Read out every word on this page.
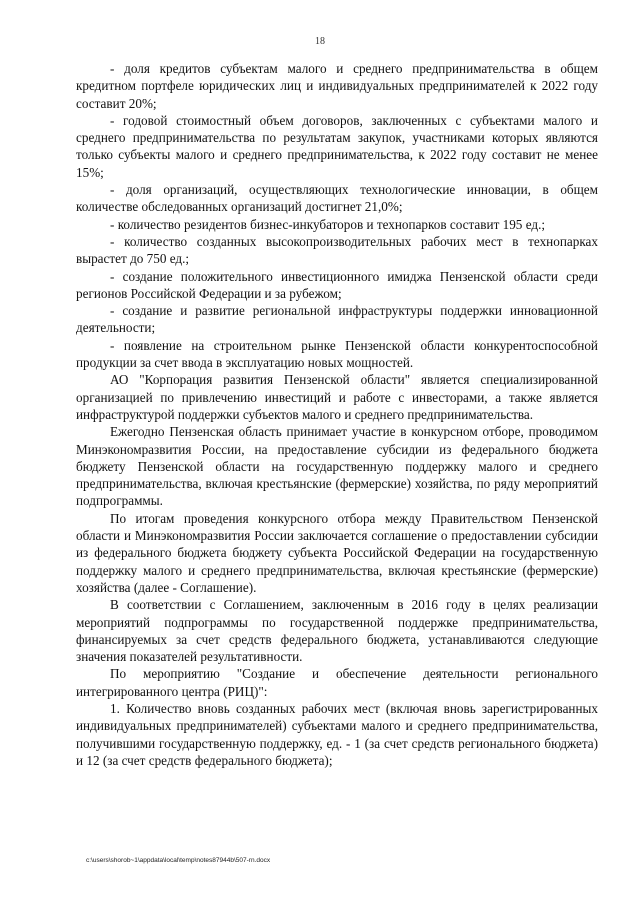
18

- доля кредитов субъектам малого и среднего предпринимательства в общем кредитном портфеле юридических лиц и индивидуальных предпринимателей к 2022 году составит 20%;

- годовой стоимостный объем договоров, заключенных с субъектами малого и среднего предпринимательства по результатам закупок, участниками которых являются только субъекты малого и среднего предпринимательства, к 2022 году составит не менее 15%;

- доля организаций, осуществляющих технологические инновации, в общем количестве обследованных организаций достигнет 21,0%;

- количество резидентов бизнес-инкубаторов и технопарков составит 195 ед.;

- количество созданных высокопроизводительных рабочих мест в технопарках вырастет до 750 ед.;

- создание положительного инвестиционного имиджа Пензенской области среди регионов Российской Федерации и за рубежом;

- создание и развитие региональной инфраструктуры поддержки инновационной деятельности;

- появление на строительном рынке Пензенской области конкурентоспособной продукции за счет ввода в эксплуатацию новых мощностей.

АО "Корпорация развития Пензенской области" является специализированной организацией по привлечению инвестиций и работе с инвесторами, а также является инфраструктурой поддержки субъектов малого и среднего предпринимательства.

Ежегодно Пензенская область принимает участие в конкурсном отборе, проводимом Минэкономразвития России, на предоставление субсидии из федерального бюджета бюджету Пензенской области на государственную поддержку малого и среднего предпринимательства, включая крестьянские (фермерские) хозяйства, по ряду мероприятий подпрограммы.

По итогам проведения конкурсного отбора между Правительством Пензенской области и Минэкономразвития России заключается соглашение о предоставлении субсидии из федерального бюджета бюджету субъекта Российской Федерации на государственную поддержку малого и среднего предпринимательства, включая крестьянские (фермерские) хозяйства (далее - Соглашение).

В соответствии с Соглашением, заключенным в 2016 году в целях реализации мероприятий подпрограммы по государственной поддержке предпринимательства, финансируемых за счет средств федерального бюджета, устанавливаются следующие значения показателей результативности.

По мероприятию "Создание и обеспечение деятельности регионального интегрированного центра (РИЦ)":

1. Количество вновь созданных рабочих мест (включая вновь зарегистрированных индивидуальных предпринимателей) субъектами малого и среднего предпринимательства, получившими государственную поддержку, ед. - 1 (за счет средств регионального бюджета) и 12 (за счет средств федерального бюджета);

c:\users\shorob~1\appdata\local\temp\notes87944b\507-rn.docx
